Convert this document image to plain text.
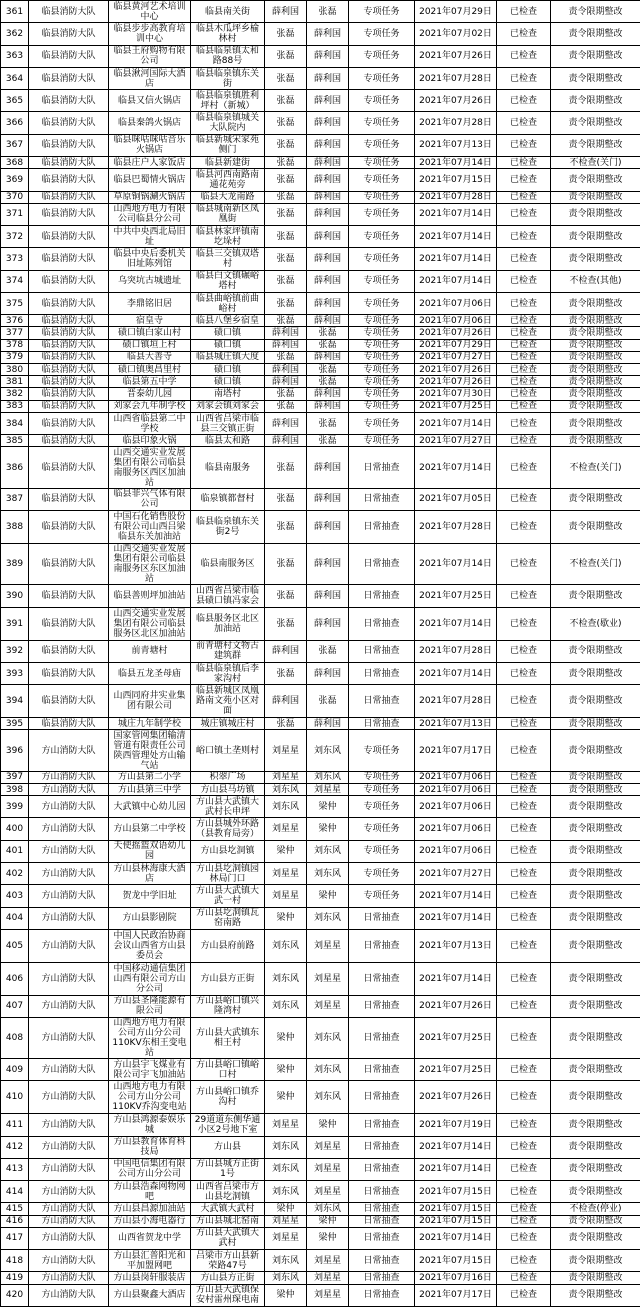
361	临县消防大队	临县黄河艺术培训
中心	临县南关街	薛利国	张磊	专项任务	2021年07月29日	已检查	责令限期整改
362	临县消防大队	临县步步高教育培
训中心	临县木瓜坪乡榆
林村	张磊	薛利国	专项任务	2021年07月02日	已检查	责令限期整改
363	临县消防大队	临县王府购物有限
公司	临县临泉镇太和
路88号	张磊	薛利国	专项任务	2021年07月26日	已检查	责令限期整改
364	临县消防大队	临县湫河国际大酒
店	临县临泉镇东关
街	张磊	薛利国	专项任务	2021年07月28日	已检查	责令限期整改
365	临县消防大队	临县又信火锅店	临县临泉镇胜利
坪村（新城）	张磊	薛利国	专项任务	2021年07月26日	已检查	责令限期整改
366	临县消防大队	临县秦鸽火锅店	临县临泉镇城关
大队院内	张磊	薛利国	专项任务	2021年07月28日	已检查	责令限期整改
367	临县消防大队	临县咪咕咪咕音乐
火锅店	临县新城宋家苑
侧门	张磊	薛利国	专项任务	2021年07月13日	已检查	责令限期整改
368	临县消防大队	临县庄户人家饭店	临县新建街	张磊	薛利国	专项任务	2021年07月14日	已检查	不检查(关门)
369	临县消防大队	临县巴蜀情火锅店	临县河西南路南
通花苑旁	张磊	薛利国	专项任务	2021年07月15日	已检查	责令限期整改
370	临县消防大队	草原铜锅涮火锅店	临县大龙南路	张磊	薛利国	专项任务	2021年07月28日	已检查	责令限期整改
371	临县消防大队	山西地方电力有限
公司临县分公司	临县城南新区凤
凰街	张磊	薛利国	专项任务	2021年07月14日	已检查	责令限期整改
372	临县消防大队	中共中央西北局旧
址	临县林家坪镇南
圪垛村	张磊	薛利国	专项任务	2021年07月14日	已检查	责令限期整改
373	临县消防大队	临县中央后委机关
旧址陈列馆	临县三交镇双塔
村	张磊	薛利国	专项任务	2021年07月14日	已检查	责令限期整改
374	临县消防大队	乌突坑古城遗址	临县白文镇碾峪
塔村	张磊	薛利国	专项任务	2021年07月14日	已检查	不检查(其他)
375	临县消防大队	李鼎铭旧居	临县曲峪镇前曲
峪村	张磊	薛利国	专项任务	2021年07月06日	已检查	责令限期整改
376	临县消防大队	宿皇寺	临县八堡乡宿皇	张磊	薛利国	专项任务	2021年07月06日	已检查	责令限期整改
377	临县消防大队	碛口镇白家山村	碛口镇	薛利国	张磊	专项任务	2021年07月26日	已检查	责令限期整改
378	临县消防大队	碛口镇垣上村	碛口镇	薛利国	张磊	专项任务	2021年07月29日	已检查	责令限期整改
379	临县消防大队	临县大善寺	临县城庄镇大度	张磊	薛利国	专项任务	2021年07月27日	已检查	责令限期整改
380	临县消防大队	碛口镇奥昌里村	碛口镇	薛利国	张磊	专项任务	2021年07月26日	已检查	责令限期整改
381	临县消防大队	临县第五中学	碛口镇	薛利国	张磊	专项任务	2021年07月26日	已检查	责令限期整改
382	临县消防大队	晋泰幼儿园	南塔村	张磊	薛利国	专项任务	2021年07月30日	已检查	责令限期整改
383	临县消防大队	刘家会九年制学校	刘家会镇刘家会	张磊	薛利国	专项任务	2021年07月25日	已检查	责令限期整改
384	临县消防大队	山西省临县第二中
学校	山西省吕梁市临
县三交镇正街	薛利国	张磊	专项任务	2021年07月14日	已检查	责令限期整改
385	临县消防大队	临县印象火锅	临县太和路	薛利国	张磊	专项任务	2021年07月27日	已检查	责令限期整改
386	临县消防大队	山西交通实业发展
集团有限公司临县
南服务区西区加油
站	临县南服务	张磊	薛利国	日常抽查	2021年07月14日	已检查	不检查(关门)
387	临县消防大队	临县菲兴气体有限
公司	临泉镇都督村	张磊	薛利国	日常抽查	2021年07月05日	已检查	责令限期整改
388	临县消防大队	中国石化销售股份
有限公司山西吕梁
临县东关加油站	临县临泉镇东关
街2号	张磊	薛利国	日常抽查	2021年07月28日	已检查	责令限期整改
389	临县消防大队	山西交通实业发展
集团有限公司临县
南服务区东区加油
站	临县南服务区	张磊	薛利国	日常抽查	2021年07月14日	已检查	不检查(关门)
390	临县消防大队	临县善则坪加油站	山西省吕梁市临
县碛口镇冯家会	张磊	薛利国	日常抽查	2021年07月25日	已检查	责令限期整改
391	临县消防大队	山西交通实业发展
集团有限公司临县
服务区北区加油站	临县服务区北区
加油站	张磊	薛利国	日常抽查	2021年07月14日	已检查	不检查(歇业)
392	临县消防大队	前青塘村	前青塘村文物古
建筑群	薛利国	张磊	日常抽查	2021年07月28日	已检查	责令限期整改
393	临县消防大队	临县五龙圣母庙	临县临泉镇后李
家沟村	张磊	薛利国	日常抽查	2021年07月14日	已检查	责令限期整改
394	临县消防大队	山西同府井实业集
团有限公司	临县新城区凤凰
路南文苑小区对
面	薛利国	张磊	日常抽查	2021年07月28日	已检查	责令限期整改
395	临县消防大队	城庄九年制学校	城庄镇城庄村	张磊	薛利国	日常抽查	2021年07月13日	已检查	责令限期整改
396	方山消防大队	国家管网集团输清
管道有限责任公司
陕西管理处方山输
气站	峪口镇土垄则村	刘星星	刘东风	专项任务	2021年07月17日	已检查	责令限期整改
397	方山消防大队	方山县第二小学	积翠广场	刘星星	刘东风	专项任务	2021年07月06日	已检查	责令限期整改
398	方山消防大队	方山县第三中学	方山县马坊镇	刘东风	刘星星	专项任务	2021年07月06日	已检查	责令限期整改
399	方山消防大队	大武镇中心幼儿园	方山县大武镇大
武村长申坪	刘东风	梁仲	专项任务	2021年07月06日	已检查	责令限期整改
400	方山消防大队	方山县第二中学校	方山县城外环路
（县教育局旁）	刘星星	梁仲	专项任务	2021年07月06日	已检查	责令限期整改
401	方山消防大队	天使摇篮双语幼儿
园	方山县圪洞镇	梁仲	刘东风	专项任务	2021年07月06日	已检查	责令限期整改
402	方山消防大队	方山县林海康大酒
店	方山县圪洞镇园
林局门口	刘星星	刘东风	专项任务	2021年07月27日	已检查	责令限期整改
403	方山消防大队	贺龙中学旧址	方山县大武镇大
武一村	刘星星	梁仲	专项任务	2021年07月14日	已检查	责令限期整改
404	方山消防大队	方山县影剧院	方山县圪洞镇瓦
窑南路	梁仲	刘东风	日常抽查	2021年07月14日	已检查	责令限期整改
405	方山消防大队	中国人民政治协商
会议山西省方山县
委员会	方山县府前路	刘东风	刘星星	日常抽查	2021年07月13日	已检查	责令限期整改
406	方山消防大队	中国移动通信集团
山西有限公司方山
分公司	方山县方正街	刘东风	刘星星	日常抽查	2021年07月14日	已检查	责令限期整改
407	方山消防大队	方山县圣隆能源有
限公司	方山县峪口镇兴
隆湾村	刘东风	刘星星	日常抽查	2021年07月26日	已检查	责令限期整改
408	方山消防大队	山西地方电力有限
公司方山分公司
110KV东相王变电站	方山县大武镇东
相王村	梁仲	刘东风	日常抽查	2021年07月25日	已检查	责令限期整改
409	方山消防大队	方山县宇飞煤业有
限公司宇飞加油站	方山县峪口镇峪
口村	梁仲	刘东风	日常抽查	2021年07月25日	已检查	责令限期整改
410	方山消防大队	山西地方电力有限
公司方山分公司
110KV乔沟变电站	方山县峪口镇乔
沟村	梁仲	刘东风	日常抽查	2021年07月26日	已检查	责令限期整改
411	方山消防大队	方山县鸿源泰娱乐
城	29道道东侧华通
小区2号地下室	刘星星	梁仲	日常抽查	2021年07月19日	已检查	责令限期整改
412	方山消防大队	方山县教育体育科
技局	方山县	刘东风	刘星星	日常抽查	2021年07月14日	已检查	责令限期整改
413	方山消防大队	中国电信集团有限
公司方山分公司	方山县城方正街
1号	刘东风	刘星星	日常抽查	2021年07月14日	已检查	责令限期整改
414	方山消防大队	方山县浩森网物网
吧	山西省吕梁市方
山县圪洞镇	刘东风	刘星星	日常抽查	2021年07月15日	已检查	责令限期整改
415	方山消防大队	方山县昌源加油站	大武镇大武村	梁仲	刘东风	日常抽查	2021年07月15日	已检查	不检查(停业)
416	方山消防大队	方山县小海电器行	方山县城北窑南	刘星星	梁仲	日常抽查	2021年07月15日	已检查	责令限期整改
417	方山消防大队	山西省贺龙中学	方山县大武镇大
武村	刘星星	梁仲	日常抽查	2021年07月14日	已检查	责令限期整改
418	方山消防大队	方山县汇普阳光和
平加盟网吧	吕梁市方山县新
荣路47号	刘东风	刘星星	日常抽查	2021年07月15日	已检查	责令限期整改
419	方山消防大队	方山县岗轩服装店	方山县方正街	刘东风	刘星星	日常抽查	2021年07月16日	已检查	责令限期整改
420	方山消防大队	方山县聚鑫大酒店	方山县大武镇保
安村雷州琛电南	梁仲	刘星星	日常抽查	2021年07月17日	已检查	责令限期整改
